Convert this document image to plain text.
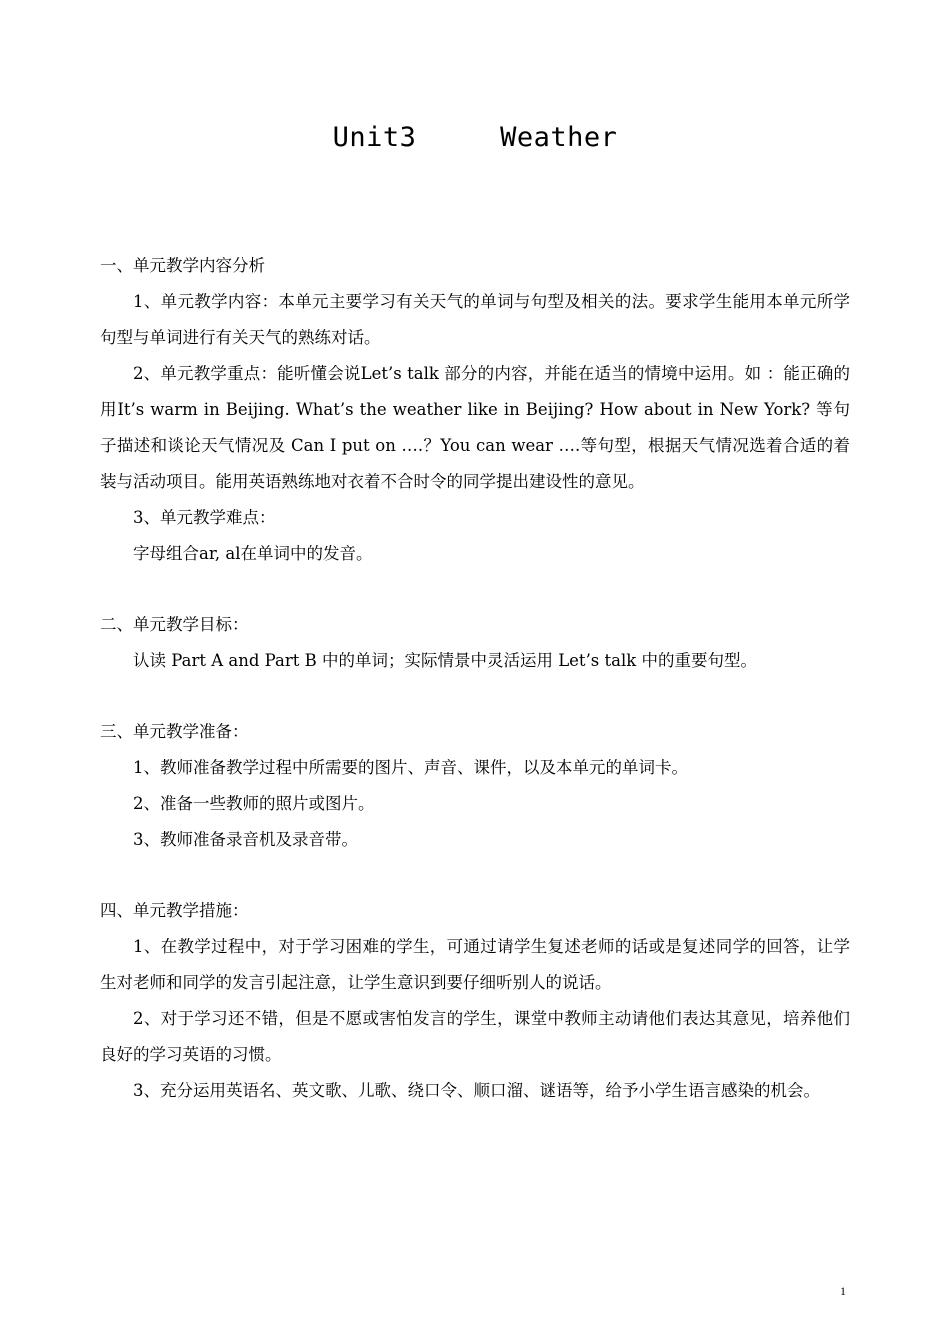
Unit3     Weather

一、单元教学内容分析

1、单元教学内容：本单元主要学习有关天气的单词与句型及相关的法。要求学生能用本单元所学句型与单词进行有关天气的熟练对话。

2、单元教学重点：能听懂会说Let’s talk 部分的内容，并能在适当的情境中运用。如 ：能正确的用It’s warm in Beijing. What’s the weather like in Beijing? How about in New York? 等句子描述和谈论天气情况及 Can I put on ….？You can wear ….等句型，根据天气情况选着合适的着装与活动项目。能用英语熟练地对衣着不合时令的同学提出建设性的意见。

3、单元教学难点：

字母组合ar, al在单词中的发音。

二、单元教学目标：

认读 Part A and Part B 中的单词；实际情景中灵活运用 Let’s talk 中的重要句型。

三、单元教学准备：

1、教师准备教学过程中所需要的图片、声音、课件，以及本单元的单词卡。

2、准备一些教师的照片或图片。

3、教师准备录音机及录音带。

四、单元教学措施：

1、在教学过程中，对于学习困难的学生，可通过请学生复述老师的话或是复述同学的回答，让学生对老师和同学的发言引起注意，让学生意识到要仔细听别人的说话。

2、对于学习还不错，但是不愿或害怕发言的学生，课堂中教师主动请他们表达其意见，培养他们良好的学习英语的习惯。

3、充分运用英语名、英文歌、儿歌、绕口令、顺口溜、谜语等，给予小学生语言感染的机会。

1
